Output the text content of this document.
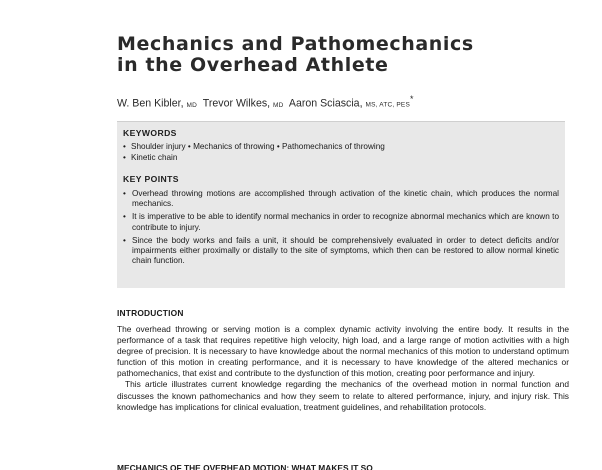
Mechanics and Pathomechanics
in the Overhead Athlete
W. Ben Kibler, MD Trevor Wilkes, MD Aaron Sciascia, MS, ATC, PES*
KEYWORDS
• Shoulder injury • Mechanics of throwing • Pathomechanics of throwing
• Kinetic chain
KEY POINTS
• Overhead throwing motions are accomplished through activation of the kinetic chain, which produces the normal mechanics.
• It is imperative to be able to identify normal mechanics in order to recognize abnormal mechanics which are known to contribute to injury.
• Since the body works and fails a unit, it should be comprehensively evaluated in order to detect deficits and/or impairments either proximally or distally to the site of symptoms, which then can be restored to allow normal kinetic chain function.
INTRODUCTION

The overhead throwing or serving motion is a complex dynamic activity involving the entire body. It results in the performance of a task that requires repetitive high velocity, high load, and a large range of motion activities with a high degree of precision. It is necessary to have knowledge about the normal mechanics of this motion to understand optimum function of this motion in creating performance, and it is necessary to have knowledge of the altered mechanics or pathomechanics, that exist and contribute to the dysfunction of this motion, creating poor performance and injury.

This article illustrates current knowledge regarding the mechanics of the overhead motion in normal function and discusses the known pathomechanics and how they seem to relate to altered performance, injury, and injury risk. This knowledge has implications for clinical evaluation, treatment guidelines, and rehabilitation protocols.

MECHANICS OF THE OVERHEAD MOTION: WHAT MAKES IT SO
